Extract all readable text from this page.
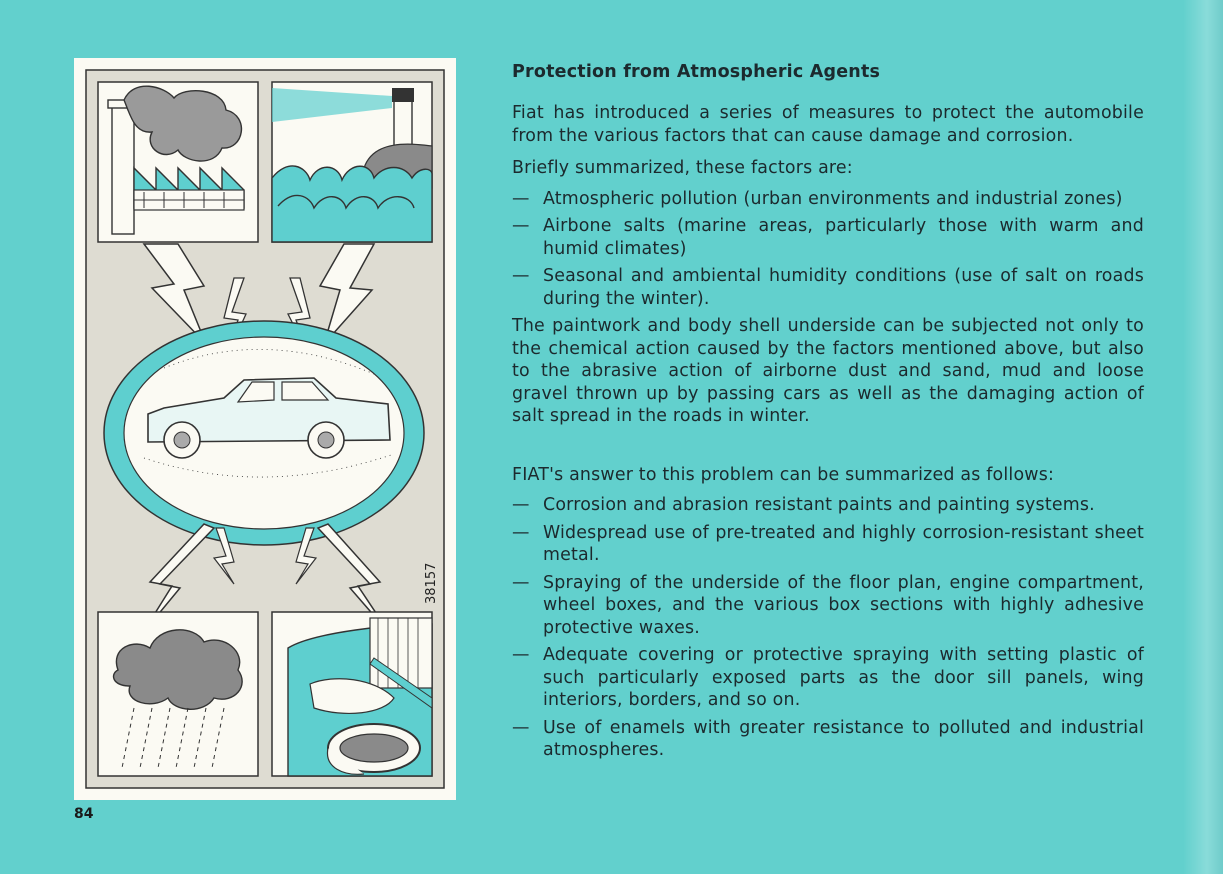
38157
84
Protection from Atmospheric Agents

Fiat has introduced a series of measures to protect the automobile from the various factors that can cause damage and corrosion.

Briefly summarized, these factors are:

— Atmospheric pollution (urban environments and industrial zones)
— Airbone salts (marine areas, particularly those with warm and humid climates)
— Seasonal and ambiental humidity conditions (use of salt on roads during the winter).

The paintwork and body shell underside can be subjected not only to the chemical action caused by the factors mentioned above, but also to the abrasive action of airborne dust and sand, mud and loose gravel thrown up by passing cars as well as the damaging action of salt spread in the roads in winter.

FIAT's answer to this problem can be summarized as follows:

— Corrosion and abrasion resistant paints and painting systems.
— Widespread use of pre-treated and highly corrosion-resistant sheet metal.
— Spraying of the underside of the floor plan, engine compartment, wheel boxes, and the various box sections with highly adhesive protective waxes.
— Adequate covering or protective spraying with setting plastic of such particularly exposed parts as the door sill panels, wing interiors, borders, and so on.
— Use of enamels with greater resistance to polluted and industrial atmospheres.
